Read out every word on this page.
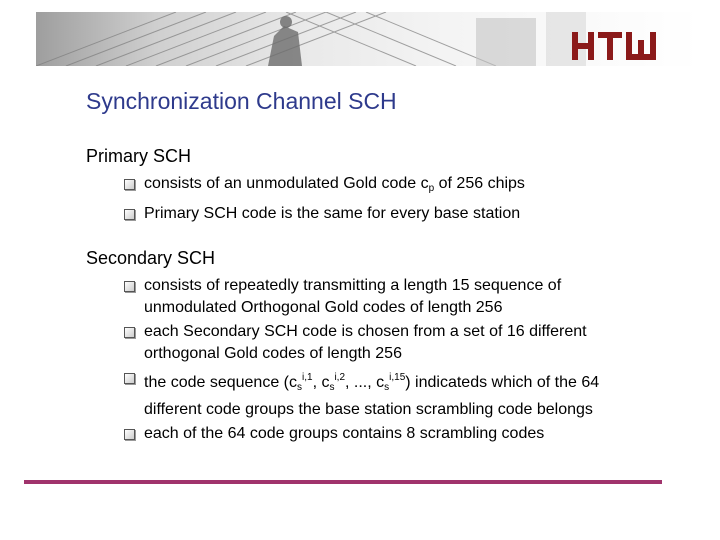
Synchronization Channel SCH
Primary SCH
consists of an unmodulated Gold code $c_p$ of 256 chips
Primary SCH code is the same for every base station
Secondary SCH
consists of repeatedly transmitting a length 15 sequence of unmodulated Orthogonal Gold codes of length 256
each Secondary SCH code is chosen from a set of 16 different orthogonal Gold codes of length 256
the code sequence ($c_s^{i,1}$, $c_s^{i,2}$, ..., $c_s^{i,15}$) indicateds which of the 64 different code groups the base station scrambling code belongs
each of the 64 code groups contains 8 scrambling codes
